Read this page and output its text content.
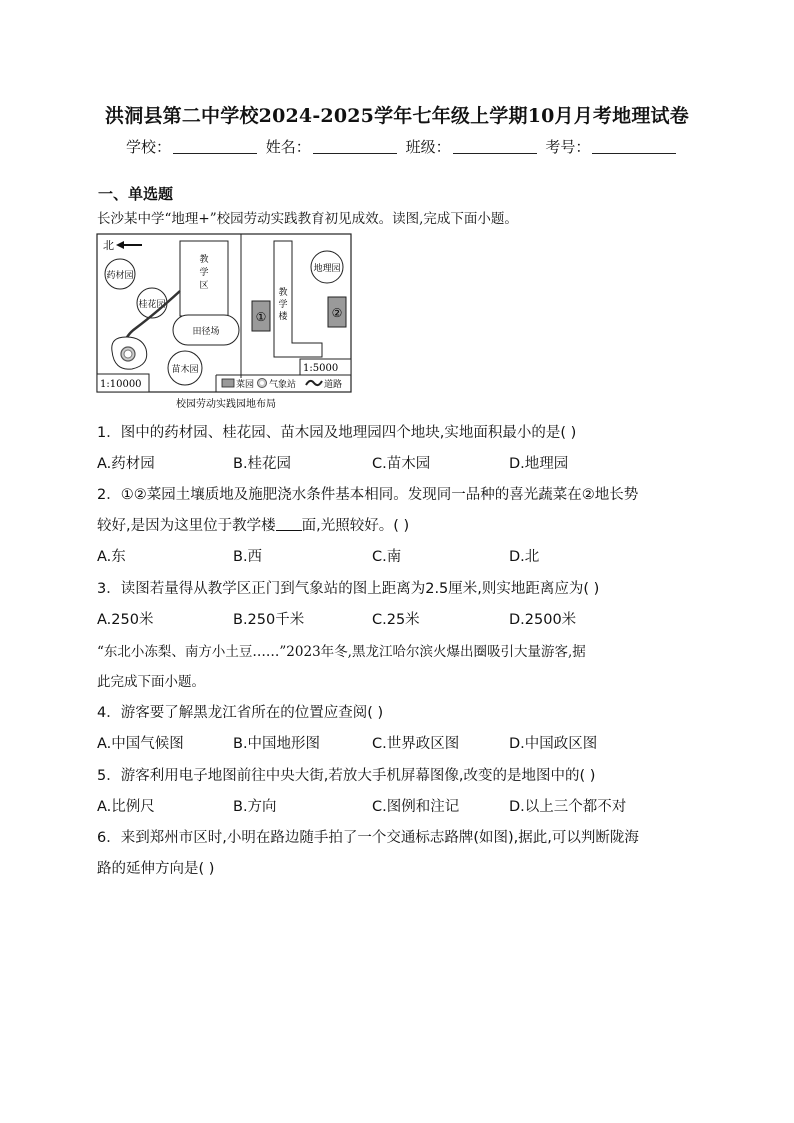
洪洞县第二中学校2024-2025学年七年级上学期10月月考地理试卷
学校：	姓名：	班级：	考号：
一、单选题
长沙某中学“地理+”校园劳动实践教育初见成效。读图,完成下面小题。
北
药材园
桂花园
教
学
区
田径场
苗木园
①
教
学
楼
地理园
②
1:10000
1:5000
菜园 气象站	道路
校园劳动实践园地布局
1．图中的药材园、桂花园、苗木园及地理园四个地块,实地面积最小的是( )
A.药材园	B.桂花园	C.苗木园	D.地理园
2．①②菜园土壤质地及施肥浇水条件基本相同。发现同一品种的喜光蔬菜在②地长势
较好,是因为这里位于教学楼 面,光照较好。( )
A.东	B.西	C.南	D.北
3．读图若量得从教学区正门到气象站的图上距离为2.5厘米,则实地距离应为( )
A.250米	B.250千米	C.25米	D.2500米
“东北小冻梨、南方小土豆……”2023年冬,黑龙江哈尔滨火爆出圈吸引大量游客,据
此完成下面小题。
4．游客要了解黑龙江省所在的位置应查阅( )
A.中国气候图	B.中国地形图	C.世界政区图	D.中国政区图
5．游客利用电子地图前往中央大街,若放大手机屏幕图像,改变的是地图中的( )
A.比例尺	B.方向	C.图例和注记	D.以上三个都不对
6．来到郑州市区时,小明在路边随手拍了一个交通标志路牌(如图),据此,可以判断陇海
路的延伸方向是( )
